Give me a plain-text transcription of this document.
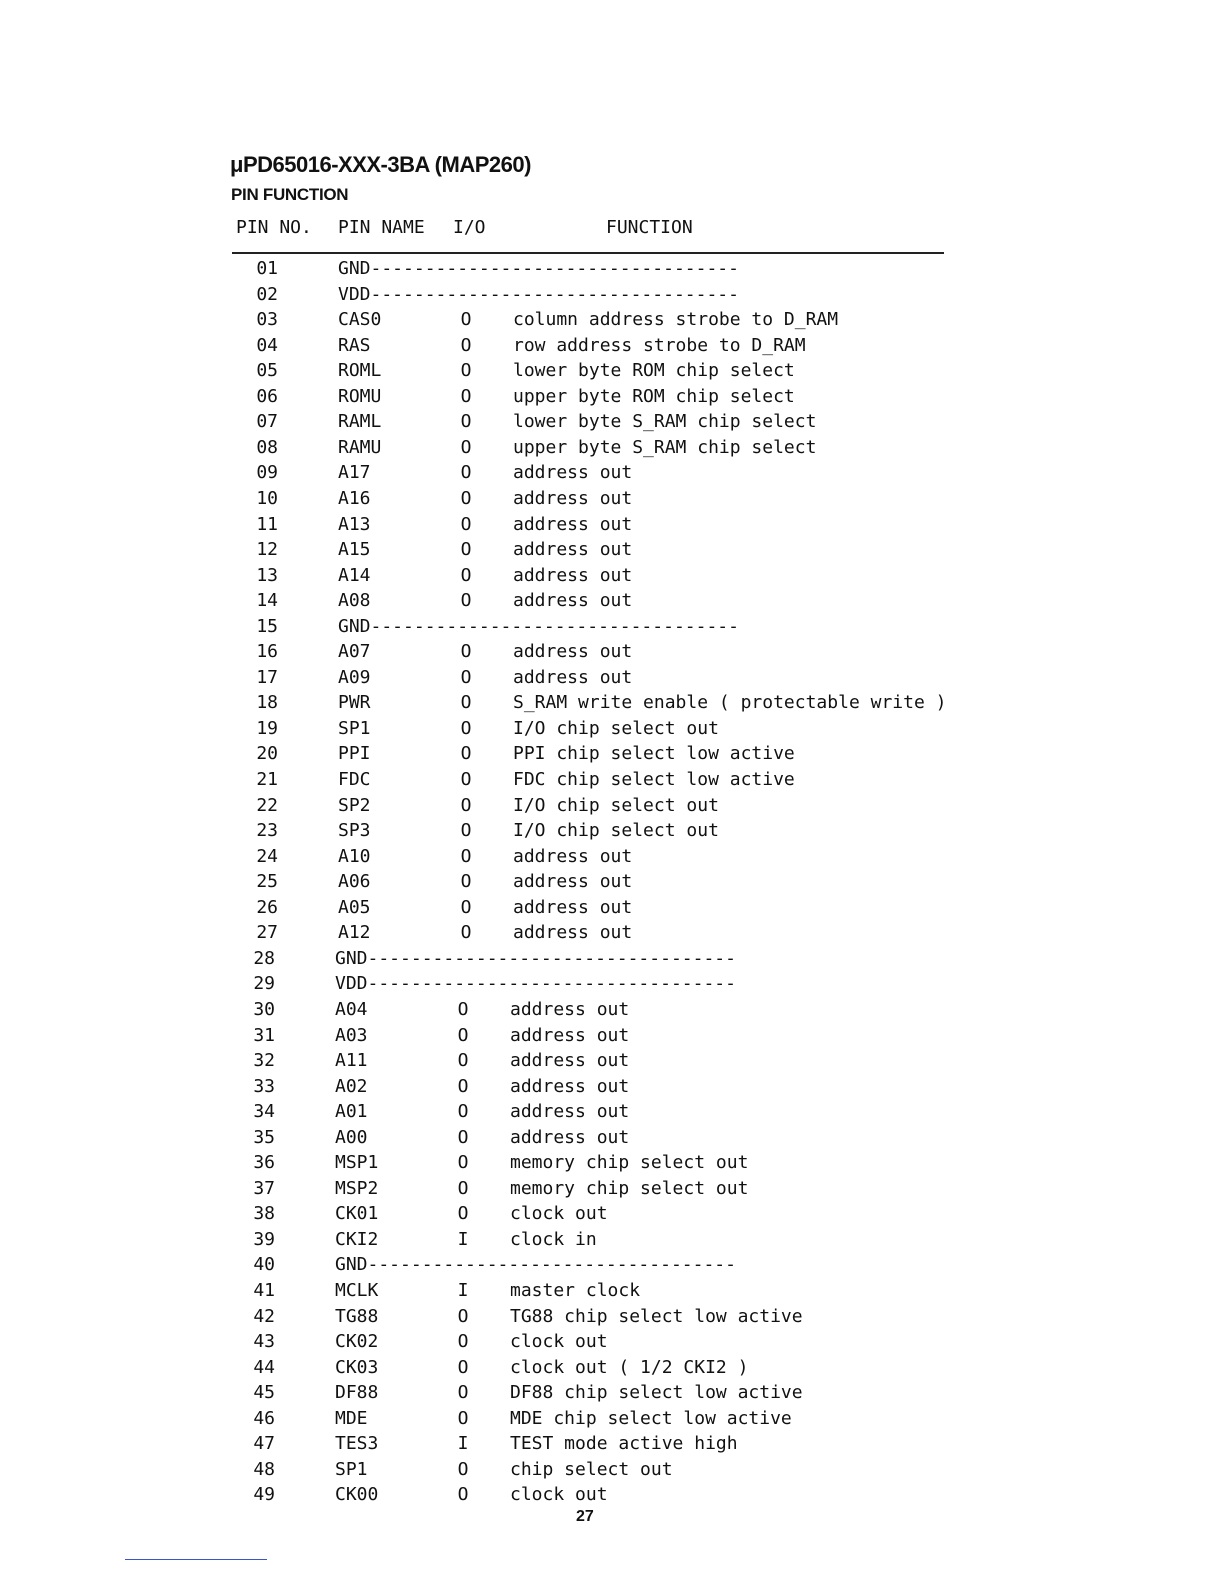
μPD65016-XXX-3BA (MAP260)
PIN FUNCTION
PIN NO. PIN NAME I/O	FUNCTION
01	GND----------------------------------
02	VDD----------------------------------
03	CAS0	O column address strobe to D_RAM
04	RAS	O row address strobe to D_RAM
05	ROML	O lower byte ROM chip select
06	ROMU	O upper byte ROM chip select
07	RAML	O lower byte S_RAM chip select
08	RAMU	O upper byte S_RAM chip select
09	A17	O address out
10	A16	O address out
11	A13	O address out
12	A15	O address out
13	A14	O address out
14	A08	O address out
15	GND----------------------------------
16	A07	O address out
17	A09	O address out
18	PWR	O S_RAM write enable ( protectable write )
19	SP1	O I/O chip select out
20	PPI	O PPI chip select low active
21	FDC	O FDC chip select low active
22	SP2	O I/O chip select out
23	SP3	O I/O chip select out
24	A10	O address out
25	A06	O address out
26	A05	O address out
27	A12	O address out
28	GND----------------------------------
29	VDD----------------------------------
30	A04	O address out
31	A03	O address out
32	A11	O address out
33	A02	O address out
34	A01	O address out
35	A00	O address out
36	MSP1	O memory chip select out
37	MSP2	O memory chip select out
38	CK01	O clock out
39	CKI2	I clock in
40	GND----------------------------------
41	MCLK	I master clock
42	TG88	O TG88 chip select low active
43	CK02	O clock out
44	CK03	O clock out ( 1/2 CKI2 )
45	DF88	O DF88 chip select low active
46	MDE	O MDE chip select low active
47	TES3	I TEST mode active high
48	SP1	O chip select out
49	CK00	O clock out
27
